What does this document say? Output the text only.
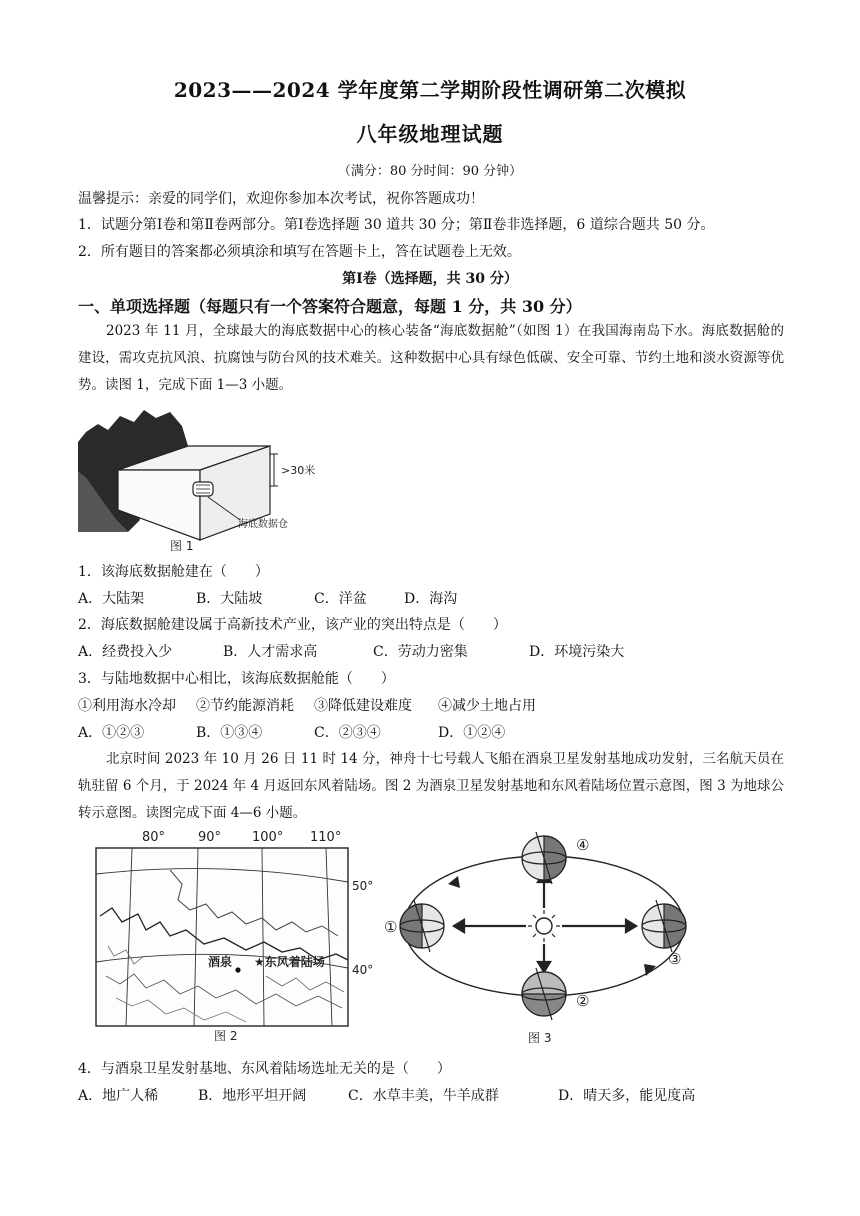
2023——2024 学年度第二学期阶段性调研第二次模拟
八年级地理试题
（满分：80 分时间：90 分钟）
温馨提示：亲爱的同学们，欢迎你参加本次考试，祝你答题成功！
1．试题分第Ⅰ卷和第Ⅱ卷两部分。第Ⅰ卷选择题 30 道共 30 分；第Ⅱ卷非选择题，6 道综合题共 50 分。
2．所有题目的答案都必须填涂和填写在答题卡上，答在试题卷上无效。
第Ⅰ卷（选择题，共 30 分）
一、单项选择题（每题只有一个答案符合题意，每题 1 分，共 30 分）
2023 年 11 月，全球最大的海底数据中心的核心装备“海底数据舱”（如图 1）在我国海南岛下水。海底数据舱的建设，需攻克抗风浪、抗腐蚀与防台风的技术难关。这种数据中心具有绿色低碳、安全可靠、节约土地和淡水资源等优势。读图 1，完成下面 1—3 小题。
>30米
海底数据仓
图 1
1．该海底数据舱建在（　　）
A．大陆架	B．大陆坡	C．洋盆	D．海沟
2．海底数据舱建设属于高新技术产业，该产业的突出特点是（　　）
A．经费投入少	B．人才需求高	C．劳动力密集	D．环境污染大
3．与陆地数据中心相比，该海底数据舱能（　　）
①利用海水冷却 ②节约能源消耗 ③降低建设难度 ④减少土地占用
A．①②③	B．①③④	C．②③④	D．①②④
北京时间 2023 年 10 月 26 日 11 时 14 分，神舟十七号载人飞船在酒泉卫星发射基地成功发射，三名航天员在轨驻留 6 个月，于 2024 年 4 月返回东风着陆场。图 2 为酒泉卫星发射基地和东风着陆场位置示意图，图 3 为地球公转示意图。读图完成下面 4—6 小题。
80°	90° 100° 110°
50°
40°
酒泉 ★东风着陆场
图 2
④
①
③
②
图 3
4．与酒泉卫星发射基地、东风着陆场选址无关的是（　　）
A．地广人稀	B．地形平坦开阔	C．水草丰美，牛羊成群	D．晴天多，能见度高
